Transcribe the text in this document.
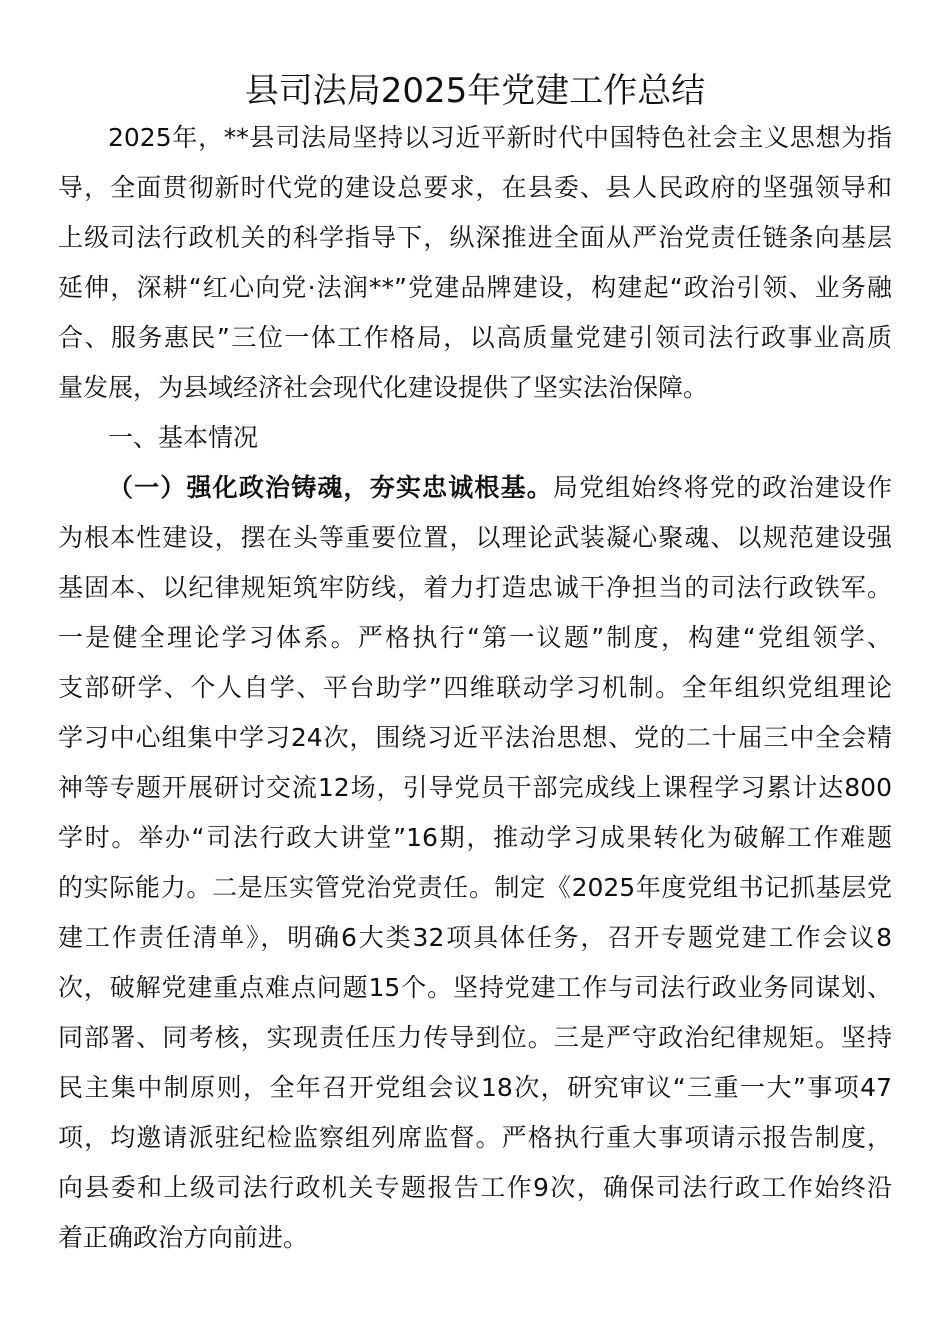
县司法局2025年党建工作总结
2025年，**县司法局坚持以习近平新时代中国特色社会主义思想为指
导，全面贯彻新时代党的建设总要求，在县委、县人民政府的坚强领导和
上级司法行政机关的科学指导下，纵深推进全面从严治党责任链条向基层
延伸，深耕“红心向党·法润**”党建品牌建设，构建起“政治引领、业务融
合、服务惠民”三位一体工作格局，以高质量党建引领司法行政事业高质
量发展，为县域经济社会现代化建设提供了坚实法治保障。
一、基本情况
（一）强化政治铸魂，夯实忠诚根基。局党组始终将党的政治建设作
为根本性建设，摆在头等重要位置，以理论武装凝心聚魂、以规范建设强
基固本、以纪律规矩筑牢防线，着力打造忠诚干净担当的司法行政铁军。
一是健全理论学习体系。严格执行“第一议题”制度，构建“党组领学、
支部研学、个人自学、平台助学”四维联动学习机制。全年组织党组理论
学习中心组集中学习24次，围绕习近平法治思想、党的二十届三中全会精
神等专题开展研讨交流12场，引导党员干部完成线上课程学习累计达800
学时。举办“司法行政大讲堂”16期，推动学习成果转化为破解工作难题
的实际能力。二是压实管党治党责任。制定《2025年度党组书记抓基层党
建工作责任清单》，明确6大类32项具体任务，召开专题党建工作会议8
次，破解党建重点难点问题15个。坚持党建工作与司法行政业务同谋划、
同部署、同考核，实现责任压力传导到位。三是严守政治纪律规矩。坚持
民主集中制原则，全年召开党组会议18次，研究审议“三重一大”事项47
项，均邀请派驻纪检监察组列席监督。严格执行重大事项请示报告制度，
向县委和上级司法行政机关专题报告工作9次，确保司法行政工作始终沿
着正确政治方向前进。
